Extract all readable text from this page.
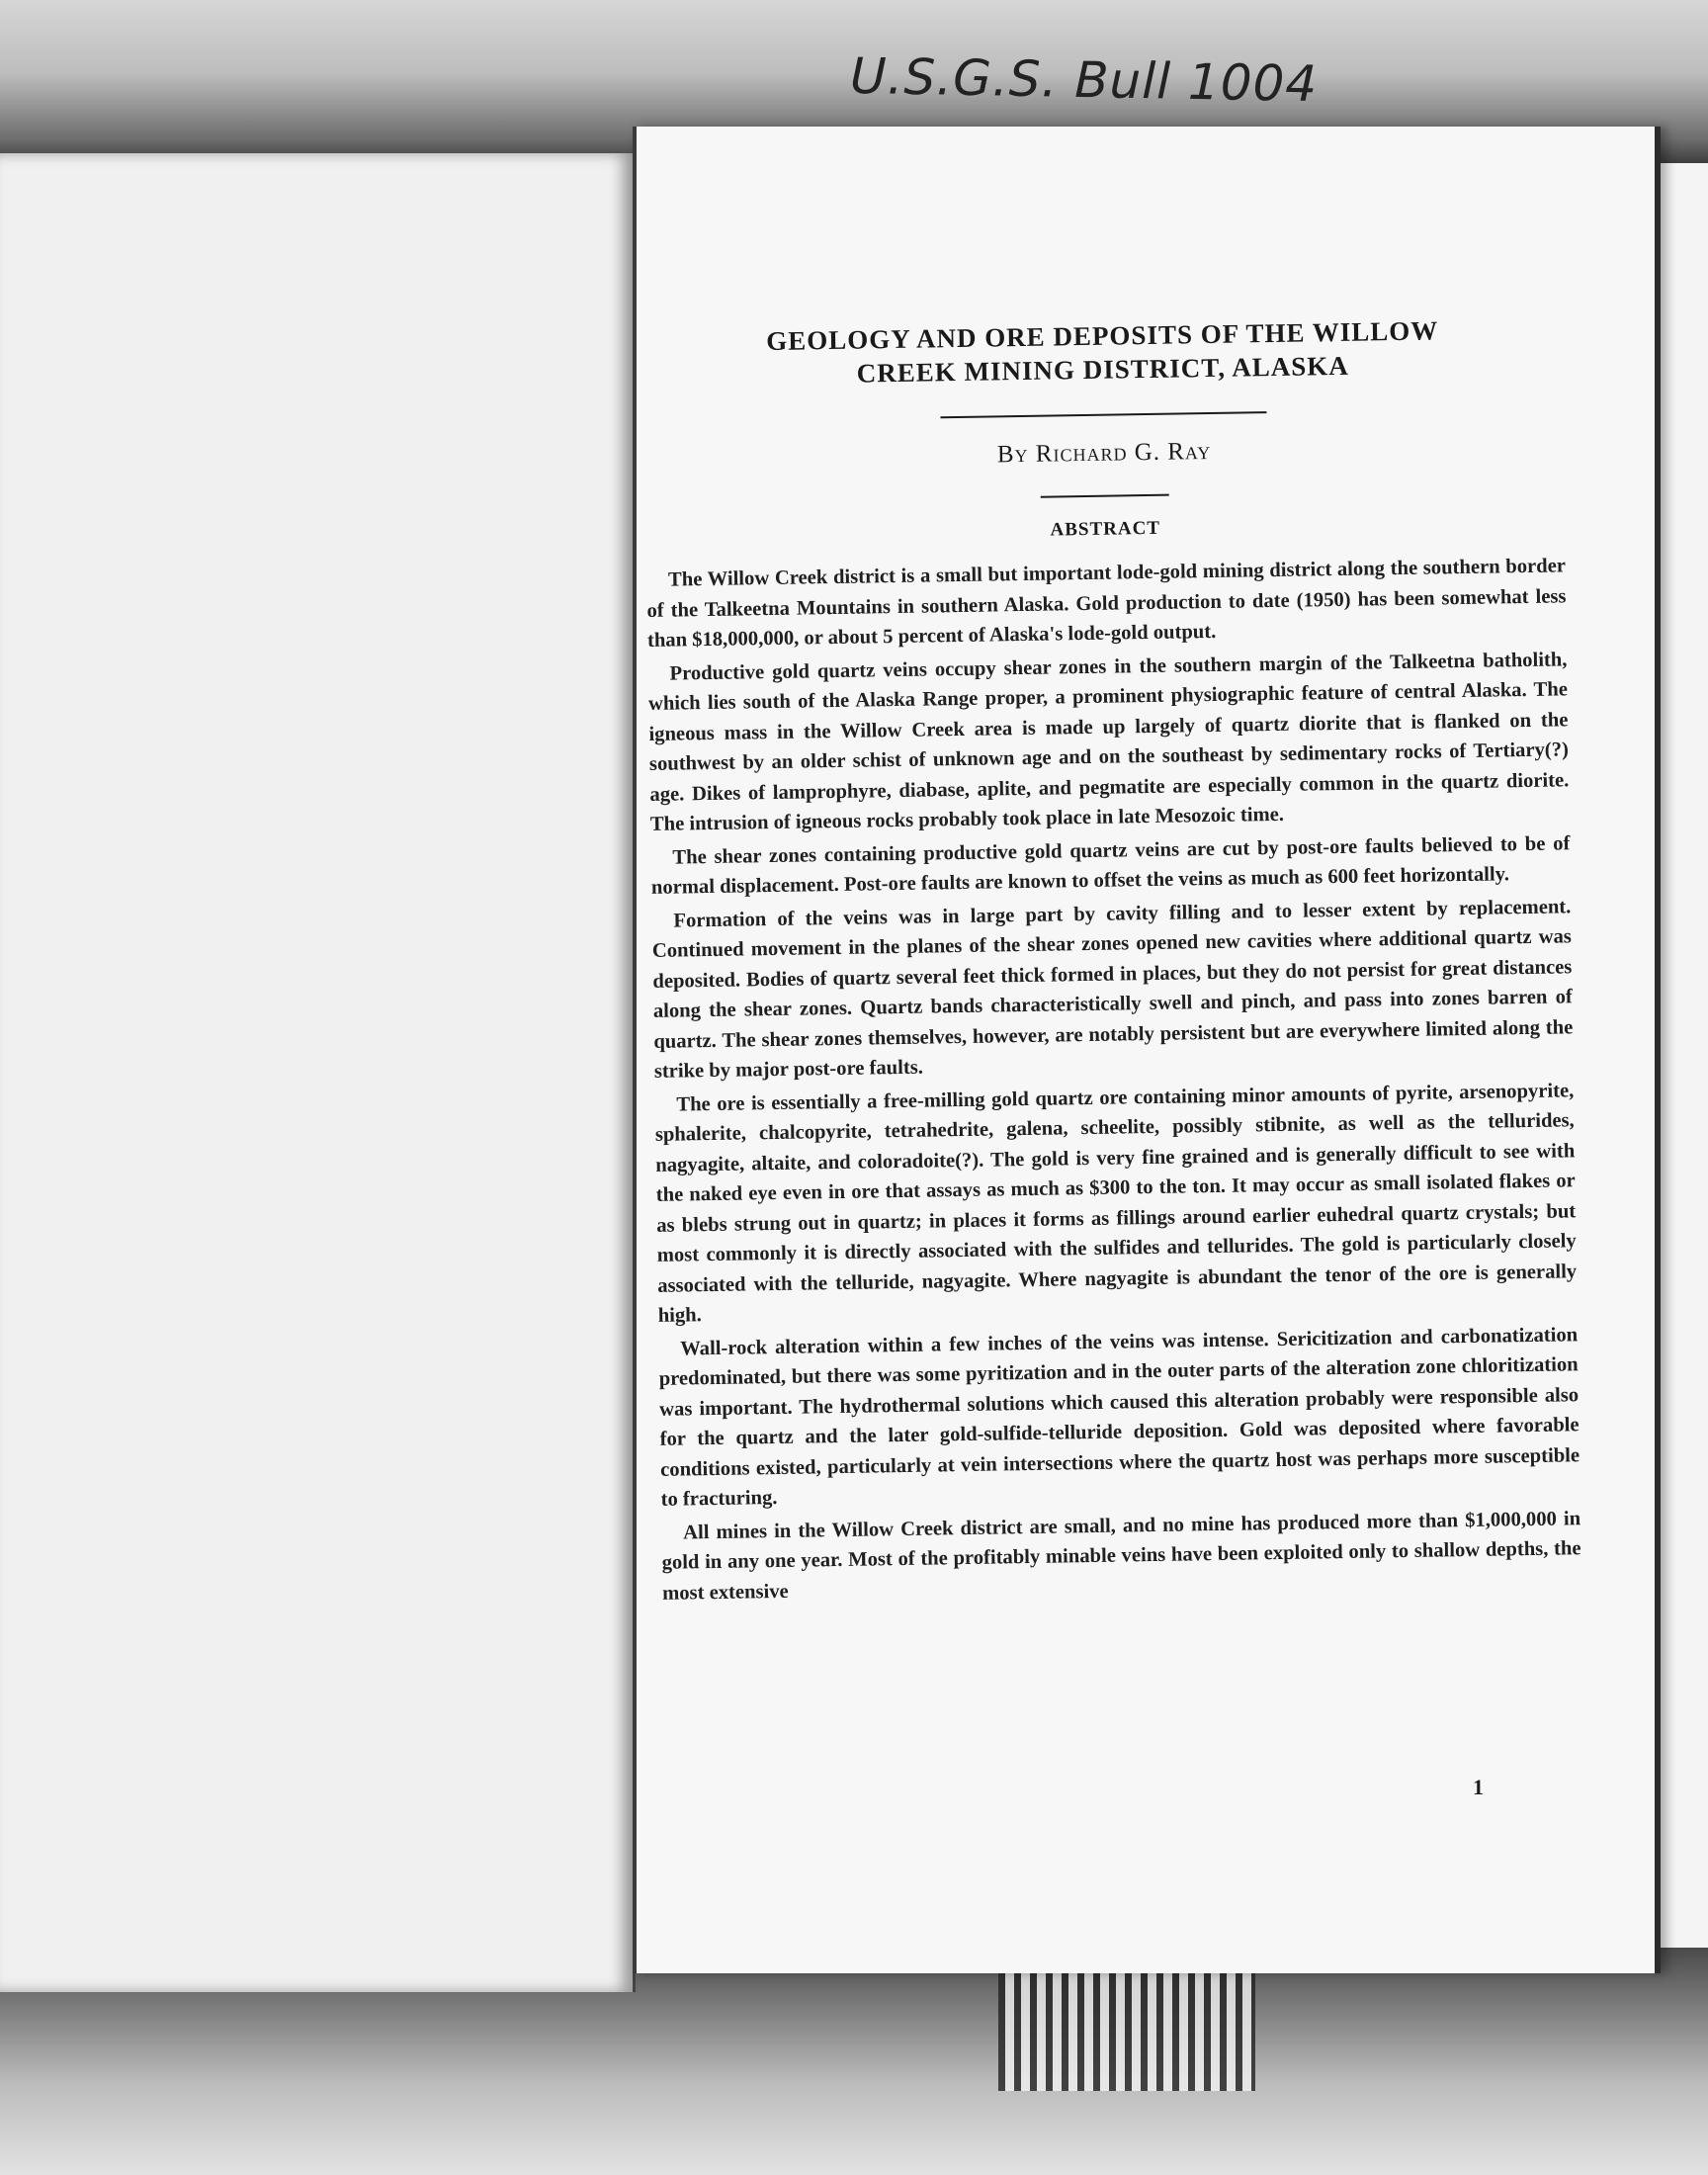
U.S.G.S. Bull 1004
GEOLOGY AND ORE DEPOSITS OF THE WILLOW
CREEK MINING DISTRICT, ALASKA

By Richard G. Ray

ABSTRACT

The Willow Creek district is a small but important lode-gold mining district along the southern border of the Talkeetna Mountains in southern Alaska. Gold production to date (1950) has been somewhat less than $18,000,000, or about 5 percent of Alaska's lode-gold output.

Productive gold quartz veins occupy shear zones in the southern margin of the Talkeetna batholith, which lies south of the Alaska Range proper, a prominent physiographic feature of central Alaska. The igneous mass in the Willow Creek area is made up largely of quartz diorite that is flanked on the southwest by an older schist of unknown age and on the southeast by sedimentary rocks of Tertiary(?) age. Dikes of lamprophyre, diabase, aplite, and pegmatite are especially common in the quartz diorite. The intrusion of igneous rocks probably took place in late Mesozoic time.

The shear zones containing productive gold quartz veins are cut by post-ore faults believed to be of normal displacement. Post-ore faults are known to offset the veins as much as 600 feet horizontally.

Formation of the veins was in large part by cavity filling and to lesser extent by replacement. Continued movement in the planes of the shear zones opened new cavities where additional quartz was deposited. Bodies of quartz several feet thick formed in places, but they do not persist for great distances along the shear zones. Quartz bands characteristically swell and pinch, and pass into zones barren of quartz. The shear zones themselves, however, are notably persistent but are everywhere limited along the strike by major post-ore faults.

The ore is essentially a free-milling gold quartz ore containing minor amounts of pyrite, arsenopyrite, sphalerite, chalcopyrite, tetrahedrite, galena, scheelite, possibly stibnite, as well as the tellurides, nagyagite, altaite, and coloradoite(?). The gold is very fine grained and is generally difficult to see with the naked eye even in ore that assays as much as $300 to the ton. It may occur as small isolated flakes or as blebs strung out in quartz; in places it forms as fillings around earlier euhedral quartz crystals; but most commonly it is directly associated with the sulfides and tellurides. The gold is particularly closely associated with the telluride, nagyagite. Where nagyagite is abundant the tenor of the ore is generally high.

Wall-rock alteration within a few inches of the veins was intense. Sericitization and carbonatization predominated, but there was some pyritization and in the outer parts of the alteration zone chloritization was important. The hydrothermal solutions which caused this alteration probably were responsible also for the quartz and the later gold-sulfide-telluride deposition. Gold was deposited where favorable conditions existed, particularly at vein intersections where the quartz host was perhaps more susceptible to fracturing.

All mines in the Willow Creek district are small, and no mine has produced more than $1,000,000 in gold in any one year. Most of the profitably minable veins have been exploited only to shallow depths, the most extensive

1
